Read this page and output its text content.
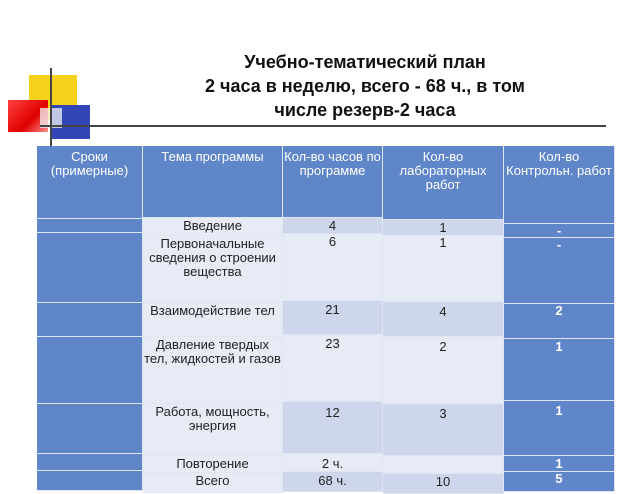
Учебно-тематический план
2 часа в неделю, всего - 68 ч., в том
числе резерв-2 часа
Сроки (примерные)
Тема программы
Введение
Первоначальные сведения о строении вещества
Взаимодействие тел
Давление твердых тел, жидкостей и газов
Работа, мощность, энергия
Повторение
Всего
Кол-во часов по программе
4
6
21
23
12
2 ч.
68 ч.
Кол-во лабораторных работ
1
1
4
2
3
10
Кол-во Контрольн. работ
-
-
2
1
1
1
5
